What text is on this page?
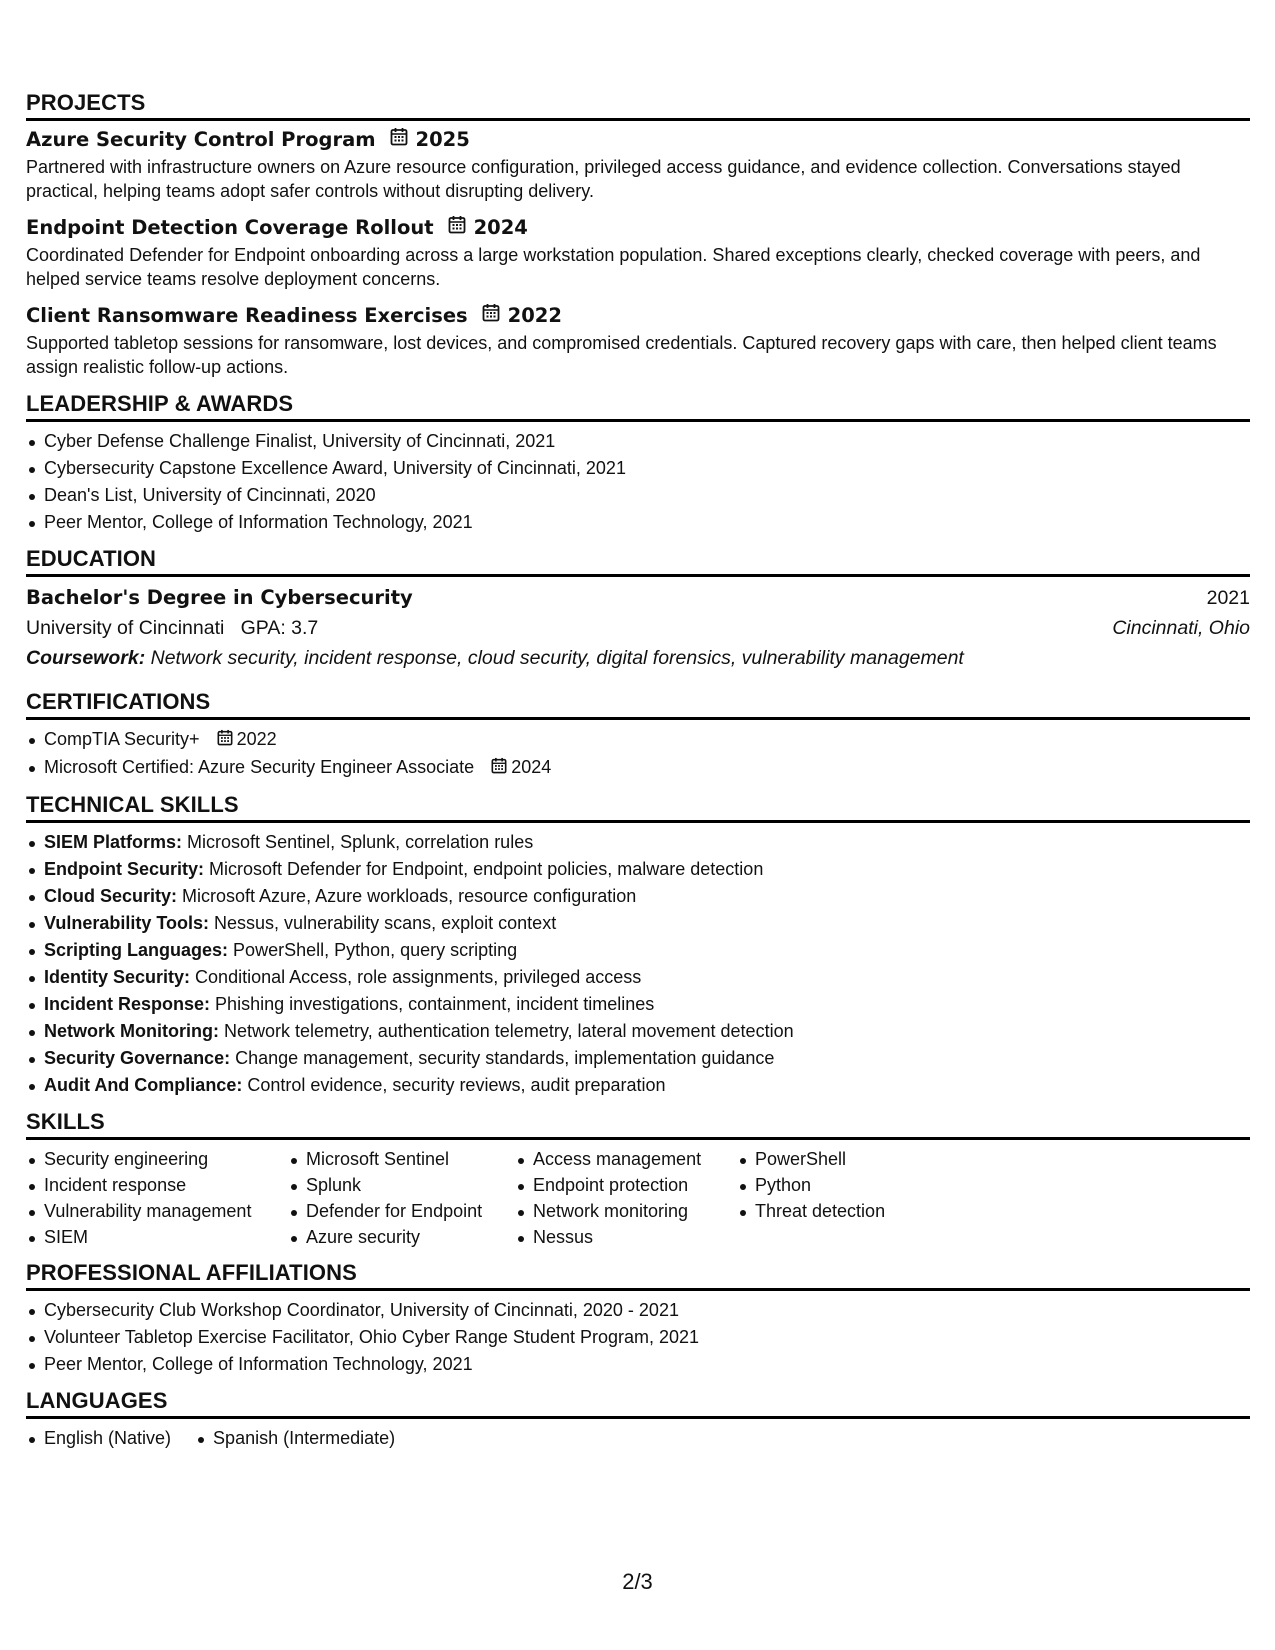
PROJECTS
Azure Security Control Program 2025

Partnered with infrastructure owners on Azure resource configuration, privileged access guidance, and evidence collection. Conversations stayed practical, helping teams adopt safer controls without disrupting delivery.

Endpoint Detection Coverage Rollout 2024

Coordinated Defender for Endpoint onboarding across a large workstation population. Shared exceptions clearly, checked coverage with peers, and helped service teams resolve deployment concerns.

Client Ransomware Readiness Exercises 2022

Supported tabletop sessions for ransomware, lost devices, and compromised credentials. Captured recovery gaps with care, then helped client teams assign realistic follow-up actions.

LEADERSHIP & AWARDS
Cyber Defense Challenge Finalist, University of Cincinnati, 2021
Cybersecurity Capstone Excellence Award, University of Cincinnati, 2021
Dean's List, University of Cincinnati, 2020
Peer Mentor, College of Information Technology, 2021
EDUCATION
Bachelor's Degree in Cybersecurity	2021
University of Cincinnati GPA: 3.7	Cincinnati, Ohio
Coursework: Network security, incident response, cloud security, digital forensics, vulnerability management
CERTIFICATIONS
CompTIA Security+ 2022
Microsoft Certified: Azure Security Engineer Associate 2024
TECHNICAL SKILLS
SIEM Platforms: Microsoft Sentinel, Splunk, correlation rules
Endpoint Security: Microsoft Defender for Endpoint, endpoint policies, malware detection
Cloud Security: Microsoft Azure, Azure workloads, resource configuration
Vulnerability Tools: Nessus, vulnerability scans, exploit context
Scripting Languages: PowerShell, Python, query scripting
Identity Security: Conditional Access, role assignments, privileged access
Incident Response: Phishing investigations, containment, incident timelines
Network Monitoring: Network telemetry, authentication telemetry, lateral movement detection
Security Governance: Change management, security standards, implementation guidance
Audit And Compliance: Control evidence, security reviews, audit preparation
SKILLS
Security engineering
Incident response
Vulnerability management
SIEM
Microsoft Sentinel
Splunk
Defender for Endpoint
Azure security
Access management
Endpoint protection
Network monitoring
Nessus
PowerShell
Python
Threat detection
PROFESSIONAL AFFILIATIONS
Cybersecurity Club Workshop Coordinator, University of Cincinnati, 2020 - 2021
Volunteer Tabletop Exercise Facilitator, Ohio Cyber Range Student Program, 2021
Peer Mentor, College of Information Technology, 2021
LANGUAGES
English (Native)	Spanish (Intermediate)
2/3
